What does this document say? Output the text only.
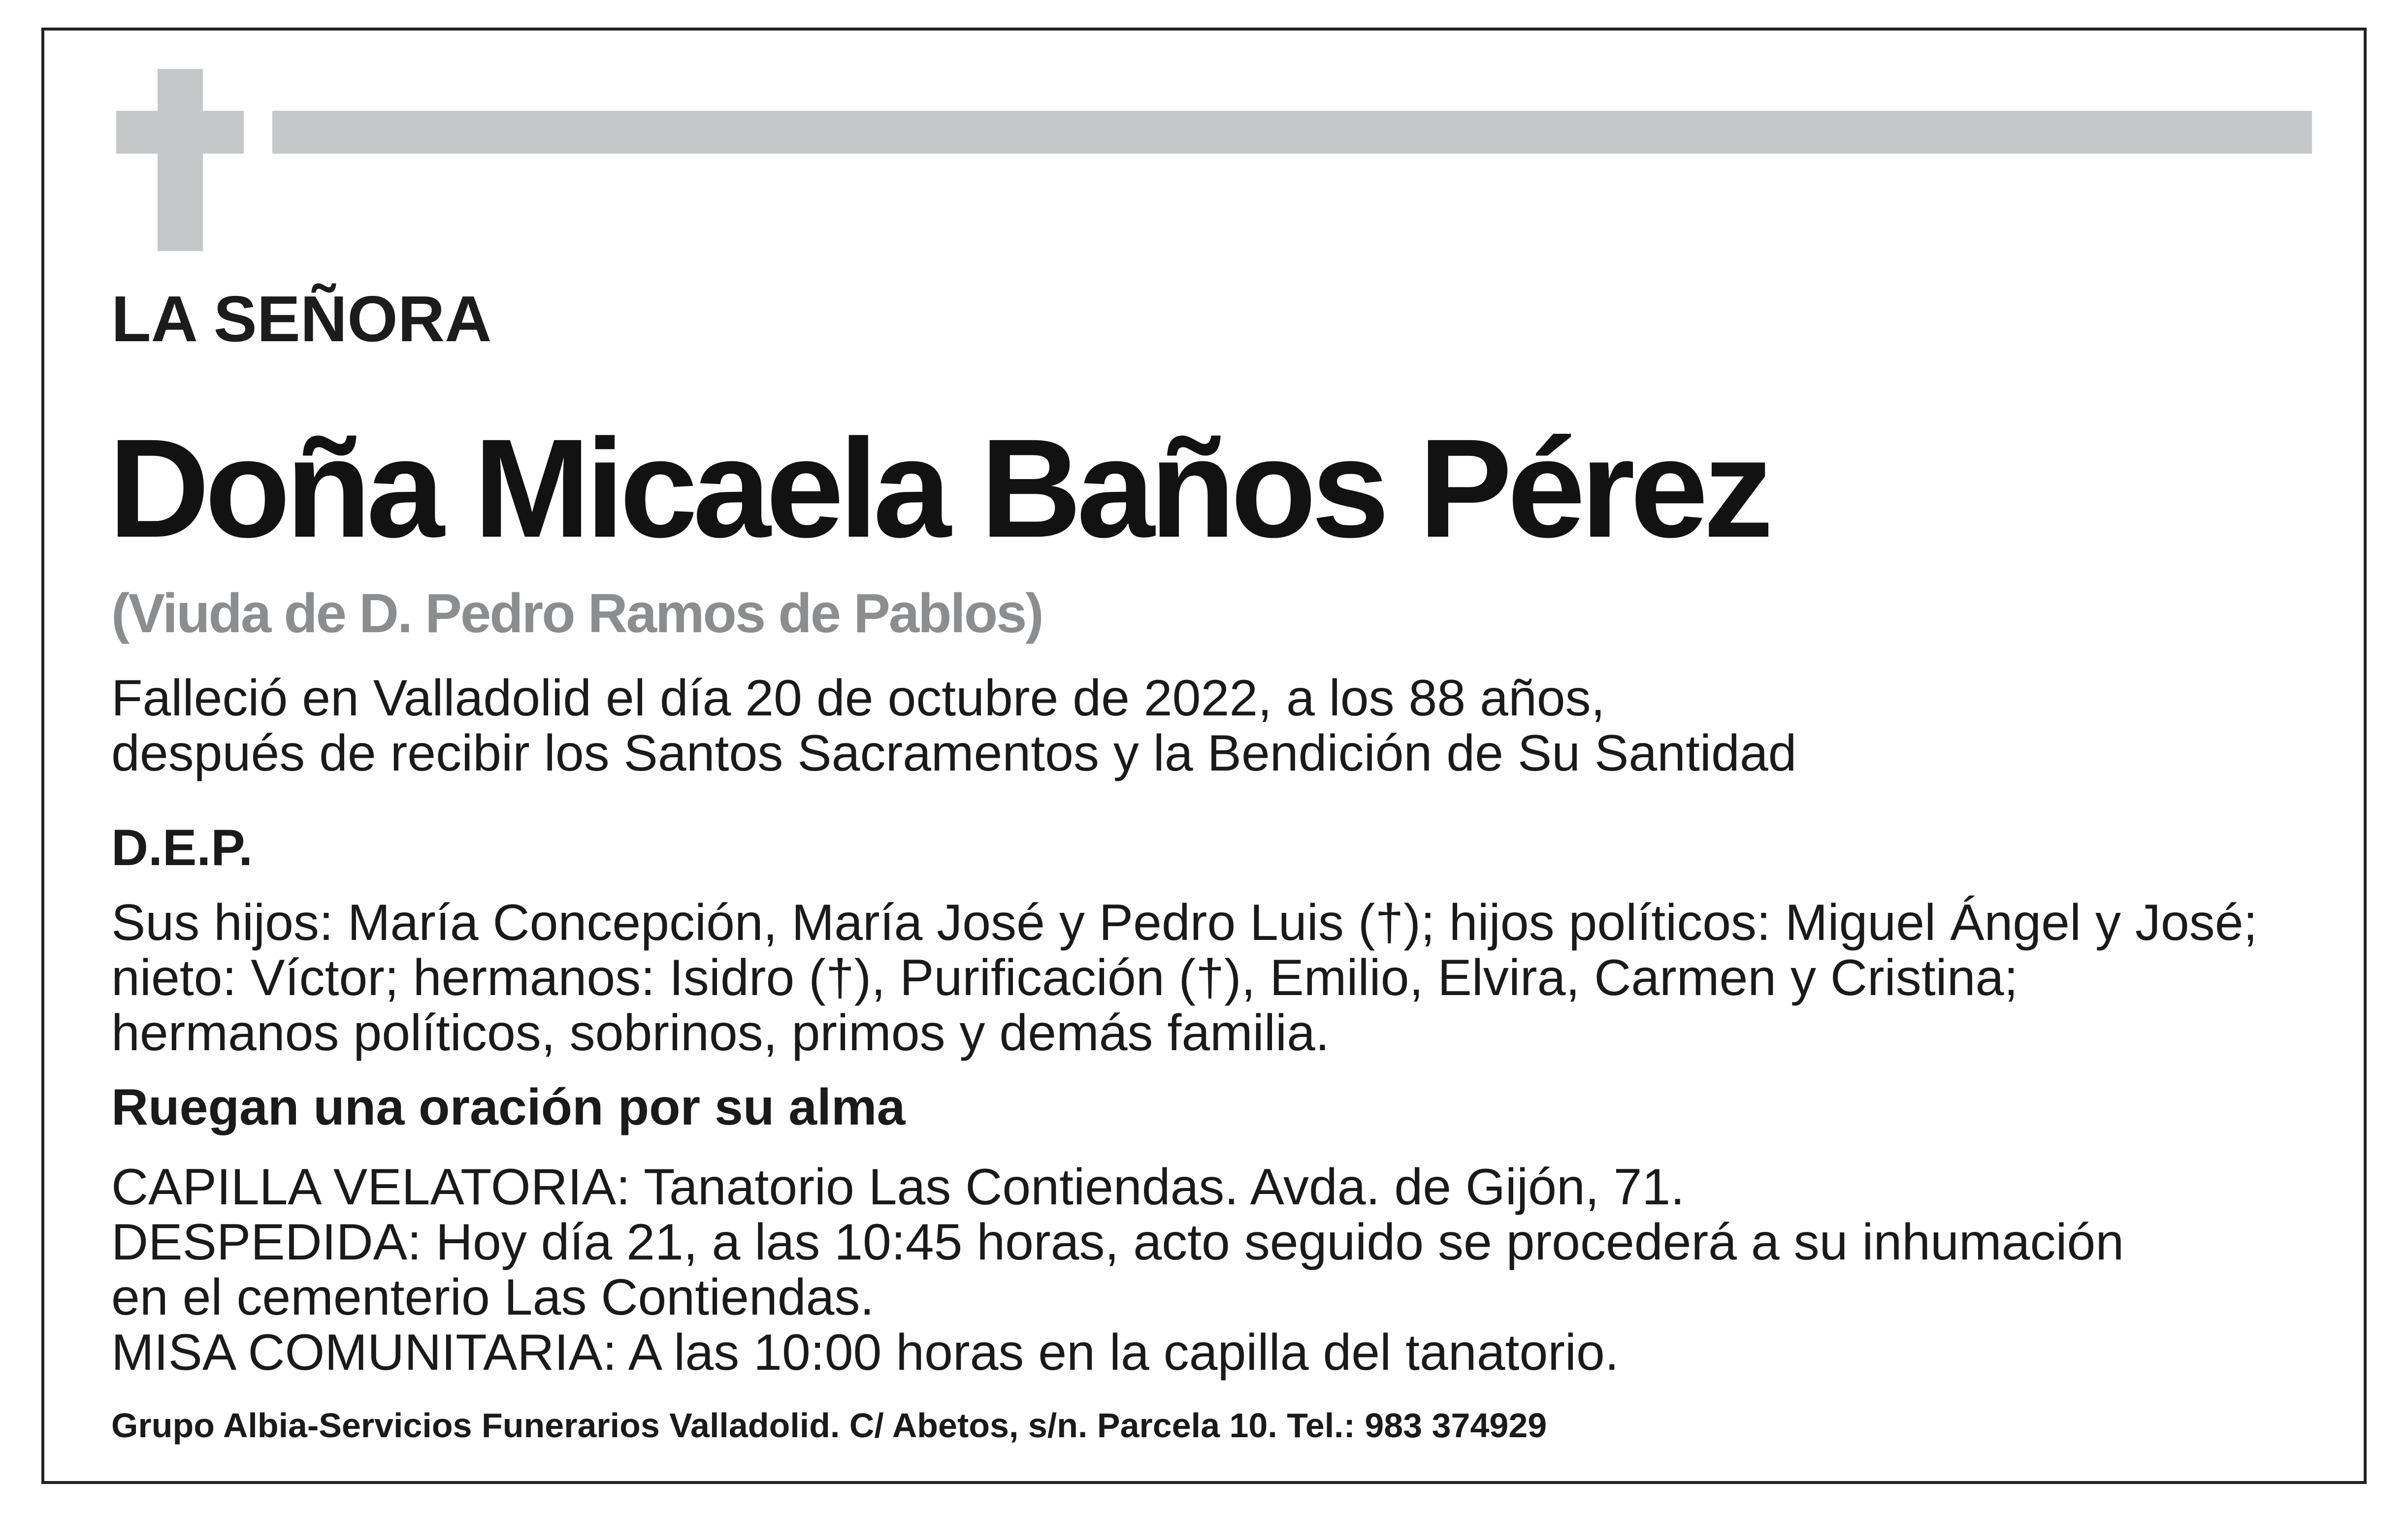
LA SEÑORA
Doña Micaela Baños Pérez
(Viuda de D. Pedro Ramos de Pablos)
Falleció en Valladolid el día 20 de octubre de 2022, a los 88 años,
después de recibir los Santos Sacramentos y la Bendición de Su Santidad
D.E.P.
Sus hijos: María Concepción, María José y Pedro Luis (†); hijos políticos: Miguel Ángel y José;
nieto: Víctor; hermanos: Isidro (†), Purificación (†), Emilio, Elvira, Carmen y Cristina;
hermanos políticos, sobrinos, primos y demás familia.
Ruegan una oración por su alma
CAPILLA VELATORIA: Tanatorio Las Contiendas. Avda. de Gijón, 71.
DESPEDIDA: Hoy día 21, a las 10:45 horas, acto seguido se procederá a su inhumación
en el cementerio Las Contiendas.
MISA COMUNITARIA: A las 10:00 horas en la capilla del tanatorio.
Grupo Albia-Servicios Funerarios Valladolid. C/ Abetos, s/n. Parcela 10. Tel.: 983 374929
